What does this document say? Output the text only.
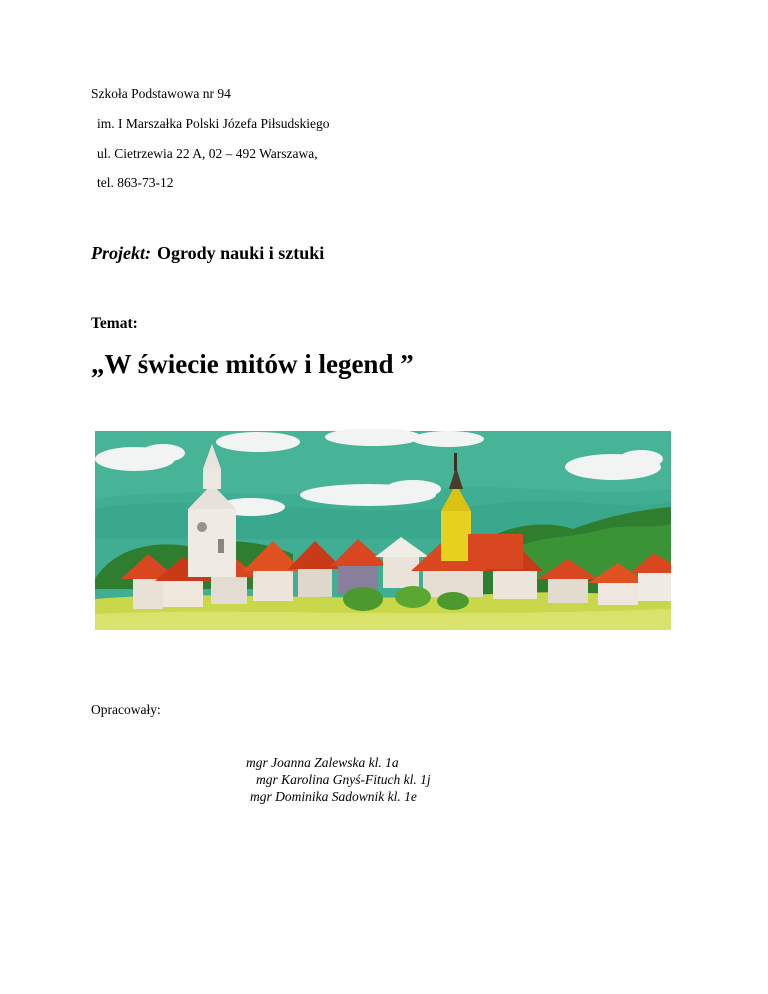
Szkoła Podstawowa nr 94
im. I Marszałka Polski Józefa Piłsudskiego
ul. Cietrzewia 22 A, 02 – 492 Warszawa,
tel. 863-73-12
Projekt: Ogrody nauki i sztuki
Temat:
„W świecie mitów i legend ”
Opracowały:
mgr Joanna Zalewska kl. 1a
mgr Karolina Gnyś-Fituch kl. 1j
mgr Dominika Sadownik kl. 1e
